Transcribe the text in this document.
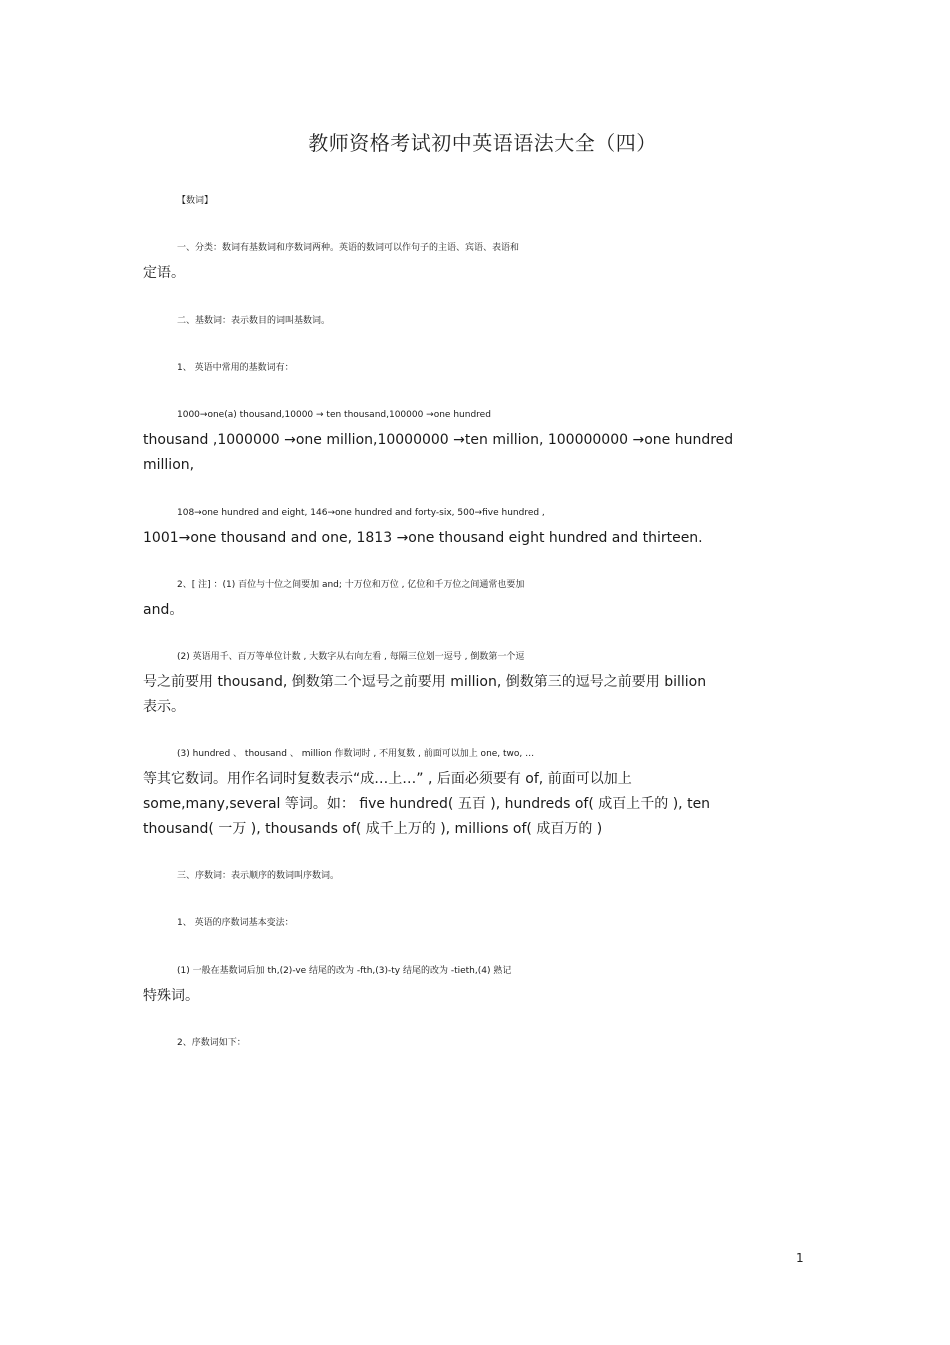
教师资格考试初中英语语法大全（四）
【数词】
一、分类：数词有基数词和序数词两种。英语的数词可以作句子的主语、宾语、表语和
定语。
二、基数词：表示数目的词叫基数词。
1、 英语中常用的基数词有：
1000→one(a) thousand,10000 → ten thousand,100000 →one hundred
thousand ,1000000 →one million,10000000 →ten million, 100000000 →one hundred
million,
108→one hundred and eight, 146→one hundred and forty-six, 500→five hundred ,
1001→one thousand and one, 1813 →one thousand eight hundred and thirteen.
2、[ 注] ：(1) 百位与十位之间要加 and; 十万位和万位 , 亿位和千万位之间通常也要加
and。
(2) 英语用千、百万等单位计数 , 大数字从右向左看 , 每隔三位划一逗号 , 倒数第一个逗
号之前要用 thousand, 倒数第二个逗号之前要用 million, 倒数第三的逗号之前要用 billion
表示。
(3) hundred 、 thousand 、 million 作数词时 , 不用复数 , 前面可以加上 one, two, …
等其它数词。用作名词时复数表示“成…上…” , 后面必须要有 of, 前面可以加上
some,many,several 等词。如： five hundred( 五百 ), hundreds of( 成百上千的 ), ten
thousand( 一万 ), thousands of( 成千上万的 ), millions of( 成百万的 )
三、序数词：表示顺序的数词叫序数词。
1、 英语的序数词基本变法：
(1) 一般在基数词后加 th,(2)-ve 结尾的改为 -fth,(3)-ty 结尾的改为 -tieth,(4) 熟记
特殊词。
2、序数词如下：
1
